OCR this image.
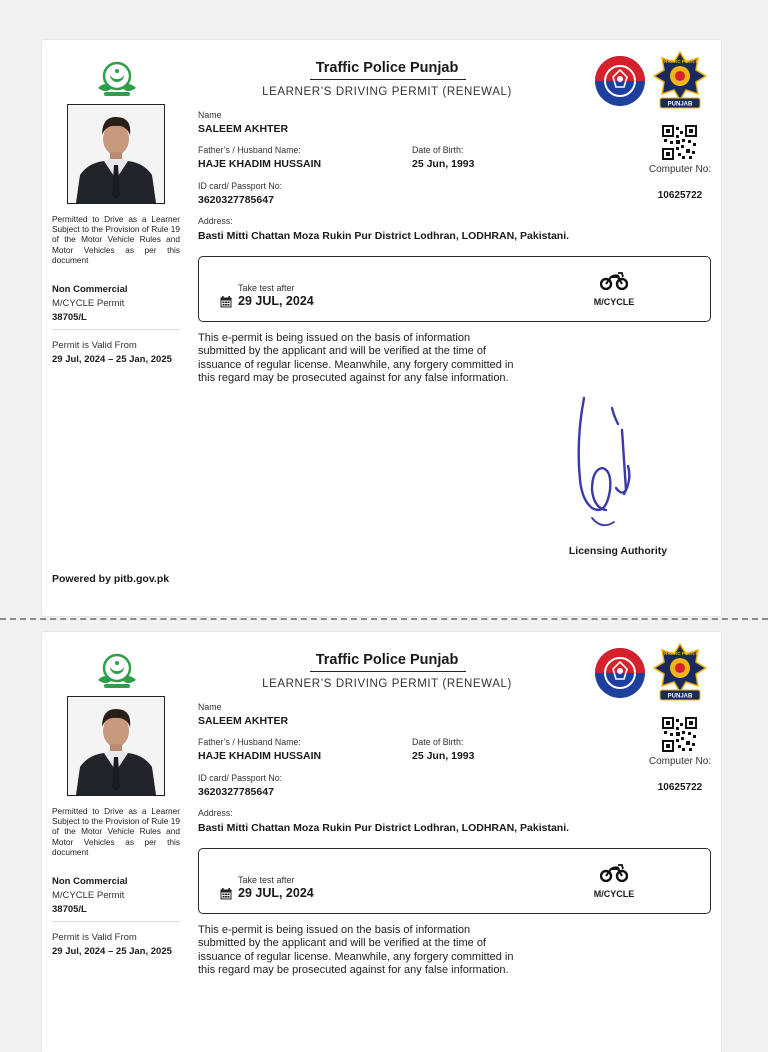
Traffic Police Punjab
LEARNER’S DRIVING PERMIT (RENEWAL)
TRAFFIC POLICE
PUNJAB
Permitted to Drive as a Learner Subject to the Provision of Rule 19 of the Motor Vehicle Rules and Motor Vehicles as per this document
Non Commercial
M/CYCLE Permit
38705/L
Permit is Valid From
29 Jul, 2024 – 25 Jan, 2025
Name
SALEEM AKHTER
Father’s / Husband Name:
HAJE KHADIM HUSSAIN
Date of Birth:
25 Jun, 1993
ID card/ Passport No:
3620327785647
Address:
Basti Mitti Chattan Moza Rukin Pur District Lodhran, LODHRAN, Pakistani.
Computer No:
10625722
Take test after
29 JUL, 2024	M/CYCLE
This e-permit is being issued on the basis of information submitted by the applicant and will be verified at the time of issuance of regular license. Meanwhile, any forgery committed in this regard may be prosecuted against for any false information.
Licensing Authority
Powered by pitb.gov.pk
Traffic Police Punjab
LEARNER’S DRIVING PERMIT (RENEWAL)
TRAFFIC POLICE
PUNJAB
Permitted to Drive as a Learner Subject to the Provision of Rule 19 of the Motor Vehicle Rules and Motor Vehicles as per this document
Non Commercial
M/CYCLE Permit
38705/L
Permit is Valid From
29 Jul, 2024 – 25 Jan, 2025
Name
SALEEM AKHTER
Father’s / Husband Name:
HAJE KHADIM HUSSAIN
Date of Birth:
25 Jun, 1993
ID card/ Passport No:
3620327785647
Address:
Basti Mitti Chattan Moza Rukin Pur District Lodhran, LODHRAN, Pakistani.
Computer No:
10625722
Take test after
29 JUL, 2024	M/CYCLE
This e-permit is being issued on the basis of information submitted by the applicant and will be verified at the time of issuance of regular license. Meanwhile, any forgery committed in this regard may be prosecuted against for any false information.
